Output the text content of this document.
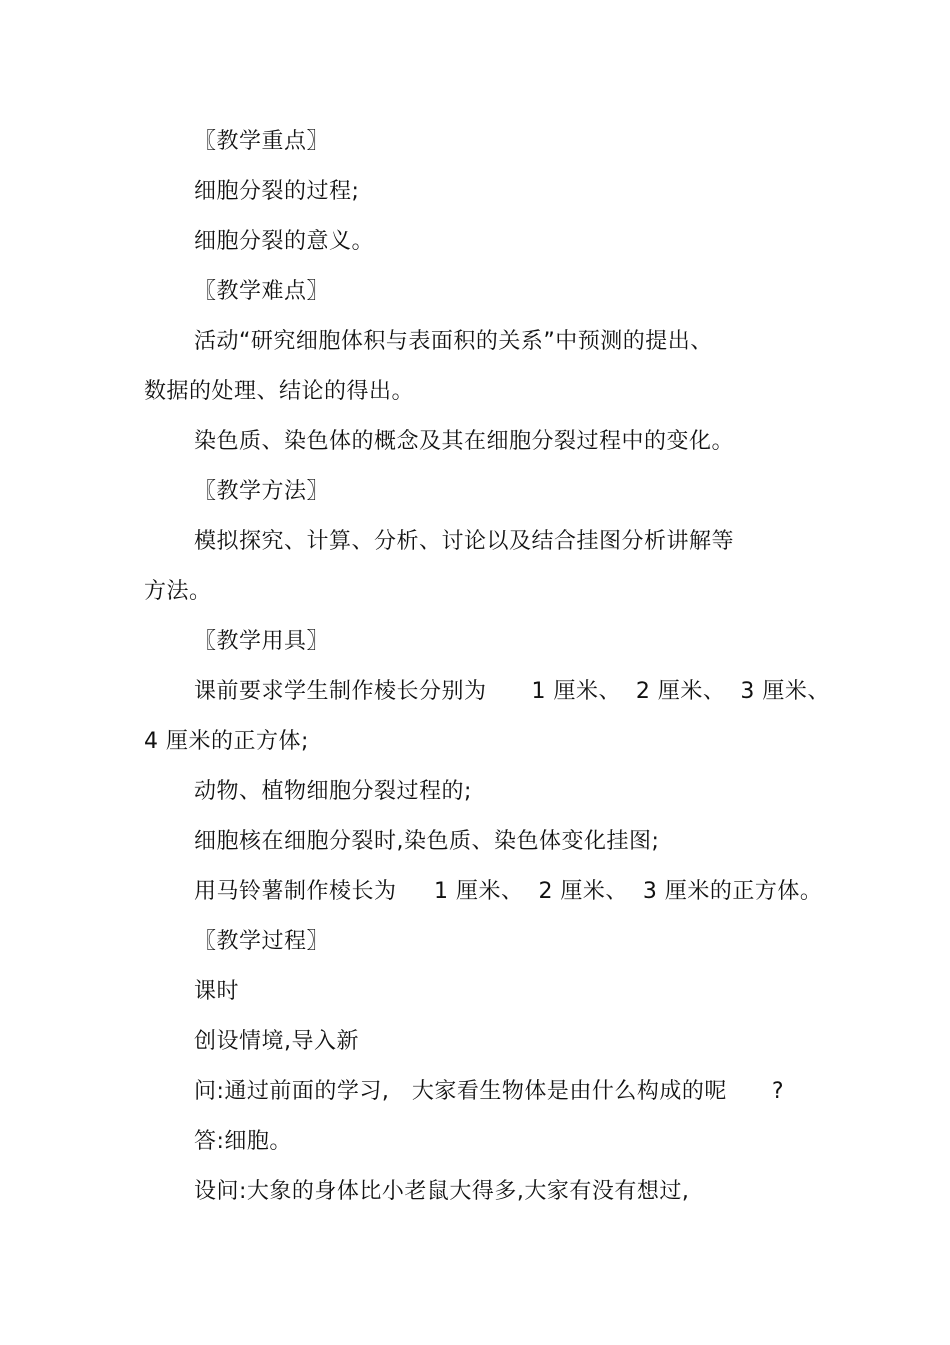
〖教学重点〗
细胞分裂的过程;
细胞分裂的意义。
〖教学难点〗
活动“研究细胞体积与表面积的关系”中预测的提出、
数据的处理、结论的得出。
染色质、染色体的概念及其在细胞分裂过程中的变化。
〖教学方法〗
模拟探究、计算、分析、讨论以及结合挂图分析讲解等
方法。
〖教学用具〗
课前要求学生制作棱长分别为      1 厘米、  2 厘米、  3 厘米、
4 厘米的正方体;
动物、植物细胞分裂过程的;
细胞核在细胞分裂时,染色质、染色体变化挂图;
用马铃薯制作棱长为     1 厘米、  2 厘米、  3 厘米的正方体。
〖教学过程〗
课时
创设情境,导入新
问:通过前面的学习,   大家看生物体是由什么构成的呢      ?
答:细胞。
设问:大象的身体比小老鼠大得多,大家有没有想过,
